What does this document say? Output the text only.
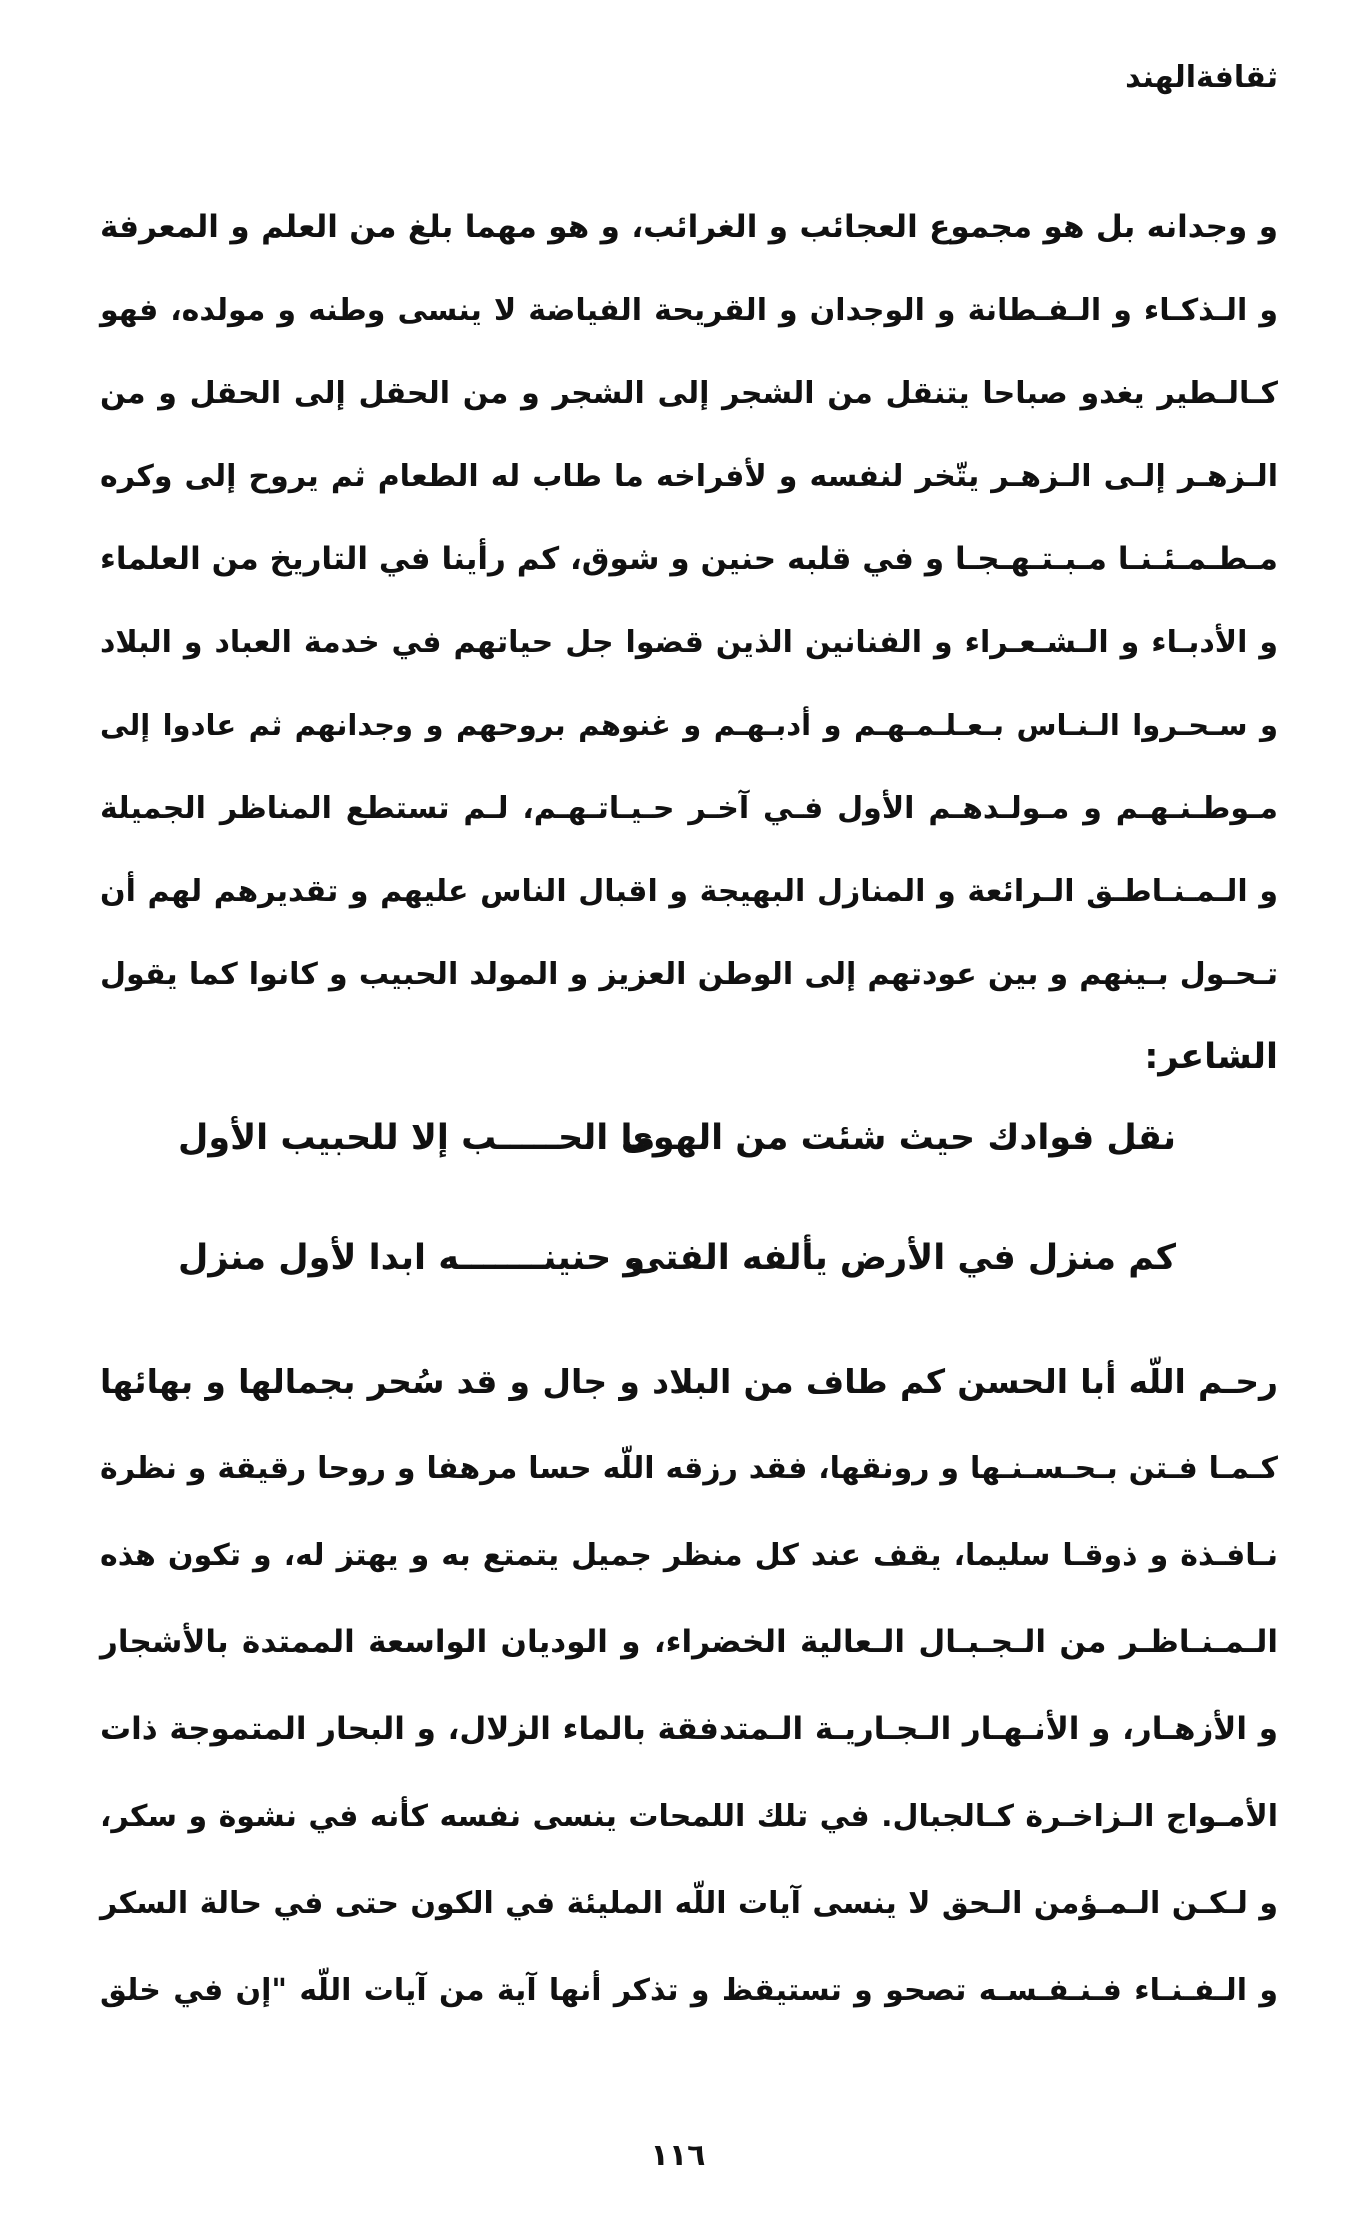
ثقافةالهند
و وجدانه بل هو مجموع العجائب و الغرائب، و هو مهما بلغ من العلم و المعرفة
و الـذكـاء و الـفـطانة و الوجدان و القريحة الفياضة لا ينسى وطنه و مولده، فهو
كـالـطير يغدو صباحا يتنقل من الشجر إلى الشجر و من الحقل إلى الحقل و من
الـزهـر إلـى الـزهـر يتّخر لنفسه و لأفراخه ما طاب له الطعام ثم يروح إلى وكره
مـطـمـئـنـا مـبـتـهـجـا و في قلبه حنين و شوق، كم رأينا في التاريخ من العلماء
و الأدبـاء و الـشـعـراء و الفنانين الذين قضوا جل حياتهم في خدمة العباد و البلاد
و سـحـروا الـنـاس بـعـلـمـهـم و أدبـهـم و غنوهم بروحهم و وجدانهم ثم عادوا إلى
مـوطـنـهـم و مـولـدهـم الأول فـي آخـر حـيـاتـهـم، لـم تستطع المناظر الجميلة
و الـمـنـاطـق الـرائعة و المنازل البهيجة و اقبال الناس عليهم و تقديرهم لهم أن
تـحـول بـينهم و بين عودتهم إلى الوطن العزيز و المولد الحبيب و كانوا كما يقول
الشاعر:
نقل فوادك حيث شئت من الهوى
ما الحـــــب إلا للحبيب الأول
كم منزل في الأرض يألفه الفتى
و حنينـــــــه ابدا لأول منزل
رحـم اللّه أبا الحسن كم طاف من البلاد و جال و قد سُحر بجمالها و بهائها
كـمـا فـتن بـحـسـنـها و رونقها، فقد رزقه اللّه حسا مرهفا و روحا رقيقة و نظرة
نـافـذة و ذوقـا سليما، يقف عند كل منظر جميل يتمتع به و يهتز له، و تكون هذه
الـمـنـاظـر من الـجـبـال الـعالية الخضراء، و الوديان الواسعة الممتدة بالأشجار
و الأزهـار، و الأنـهـار الـجـاريـة الـمتدفقة بالماء الزلال، و البحار المتموجة ذات
الأمـواج الـزاخـرة كـالجبال. في تلك اللمحات ينسى نفسه كأنه في نشوة و سكر،
و لـكـن الـمـؤمن الـحق لا ينسى آيات اللّه المليئة في الكون حتى في حالة السكر
و الـفـنـاء فـنـفـسـه تصحو و تستيقظ و تذكر أنها آية من آيات اللّه "إن في خلق
١١٦
